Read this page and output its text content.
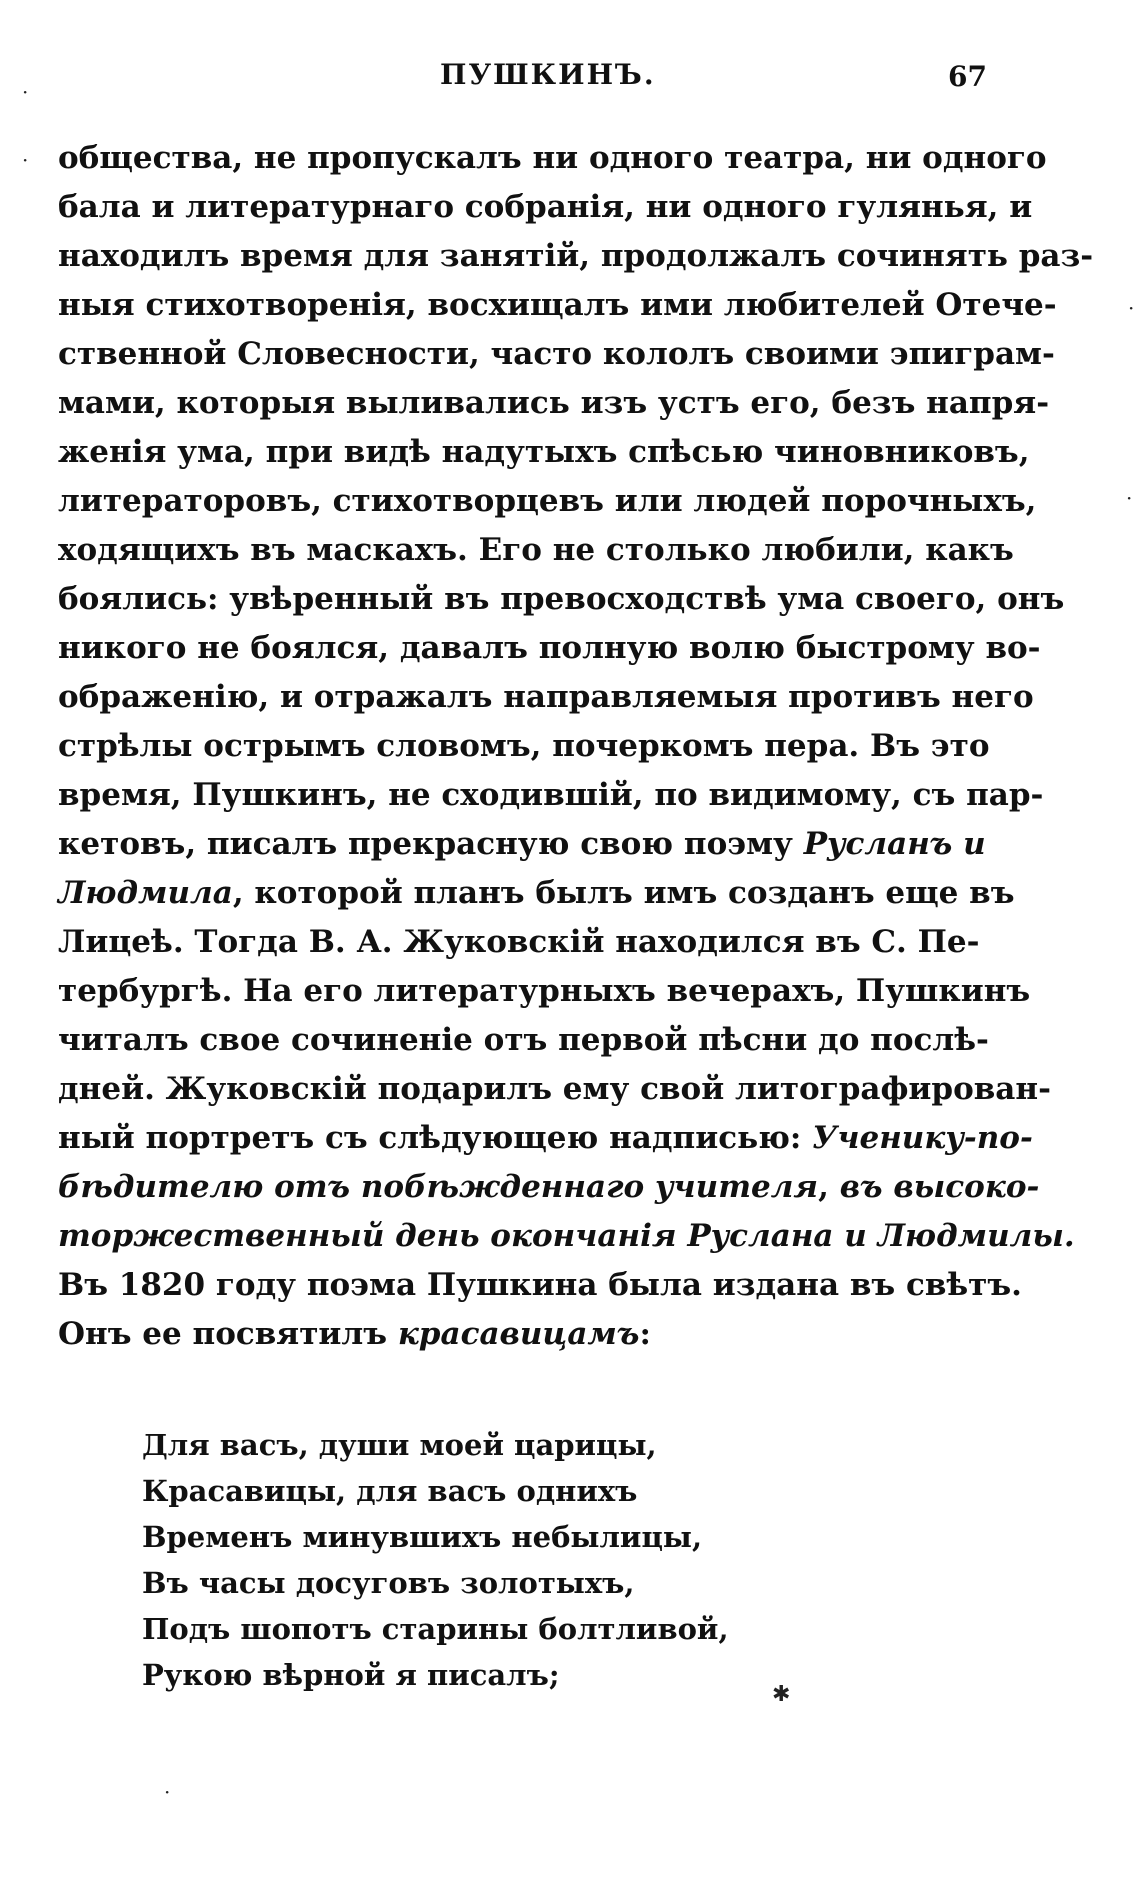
ПУШКИНЪ.	67
общества, не пропускалъ ни одного театра, ни одного
бала и литературнаго собранія, ни одного гулянья, и
находилъ время для занятій, продолжалъ сочинять раз-
ныя стихотворенія, восхищалъ ими любителей Отече-
ственной Словесности, часто кололъ своими эпиграм-
мами, которыя выливались изъ устъ его, безъ напря-
женія ума, при видѣ надутыхъ спѣсью чиновниковъ,
литераторовъ, стихотворцевъ или людей порочныхъ,
ходящихъ въ маскахъ. Его не столько любили, какъ
боялись: увѣренный въ превосходствѣ ума своего, онъ
никого не боялся, давалъ полную волю быстрому во-
ображенію, и отражалъ направляемыя противъ него
стрѣлы острымъ словомъ, почеркомъ пера. Въ это
время, Пушкинъ, не сходившій, по видимому, съ пар-
кетовъ, писалъ прекрасную свою поэму Русланъ и
Людмила, которой планъ былъ имъ созданъ еще въ
Лицеѣ. Тогда В. А. Жуковскій находился въ С. Пе-
тербургѣ. На его литературныхъ вечерахъ, Пушкинъ
читалъ свое сочиненіе отъ первой пѣсни до послѣ-
дней. Жуковскій подарилъ ему свой литографирован-
ный портретъ съ слѣдующею надписью: Ученику-по-
бѣдителю отъ побѣжденнаго учителя, въ высоко-
торжественный день окончанія Руслана и Людмилы.
Въ 1820 году поэма Пушкина была издана въ свѣтъ.
Онъ ее посвятилъ красавицамъ:
Для васъ, души моей царицы,
Красавицы, для васъ однихъ
Временъ минувшихъ небылицы,
Въ часы досуговъ золотыхъ,
Подъ шопотъ старины болтливой,
Рукою вѣрной я писалъ;
✱
·
·
·
·
·
